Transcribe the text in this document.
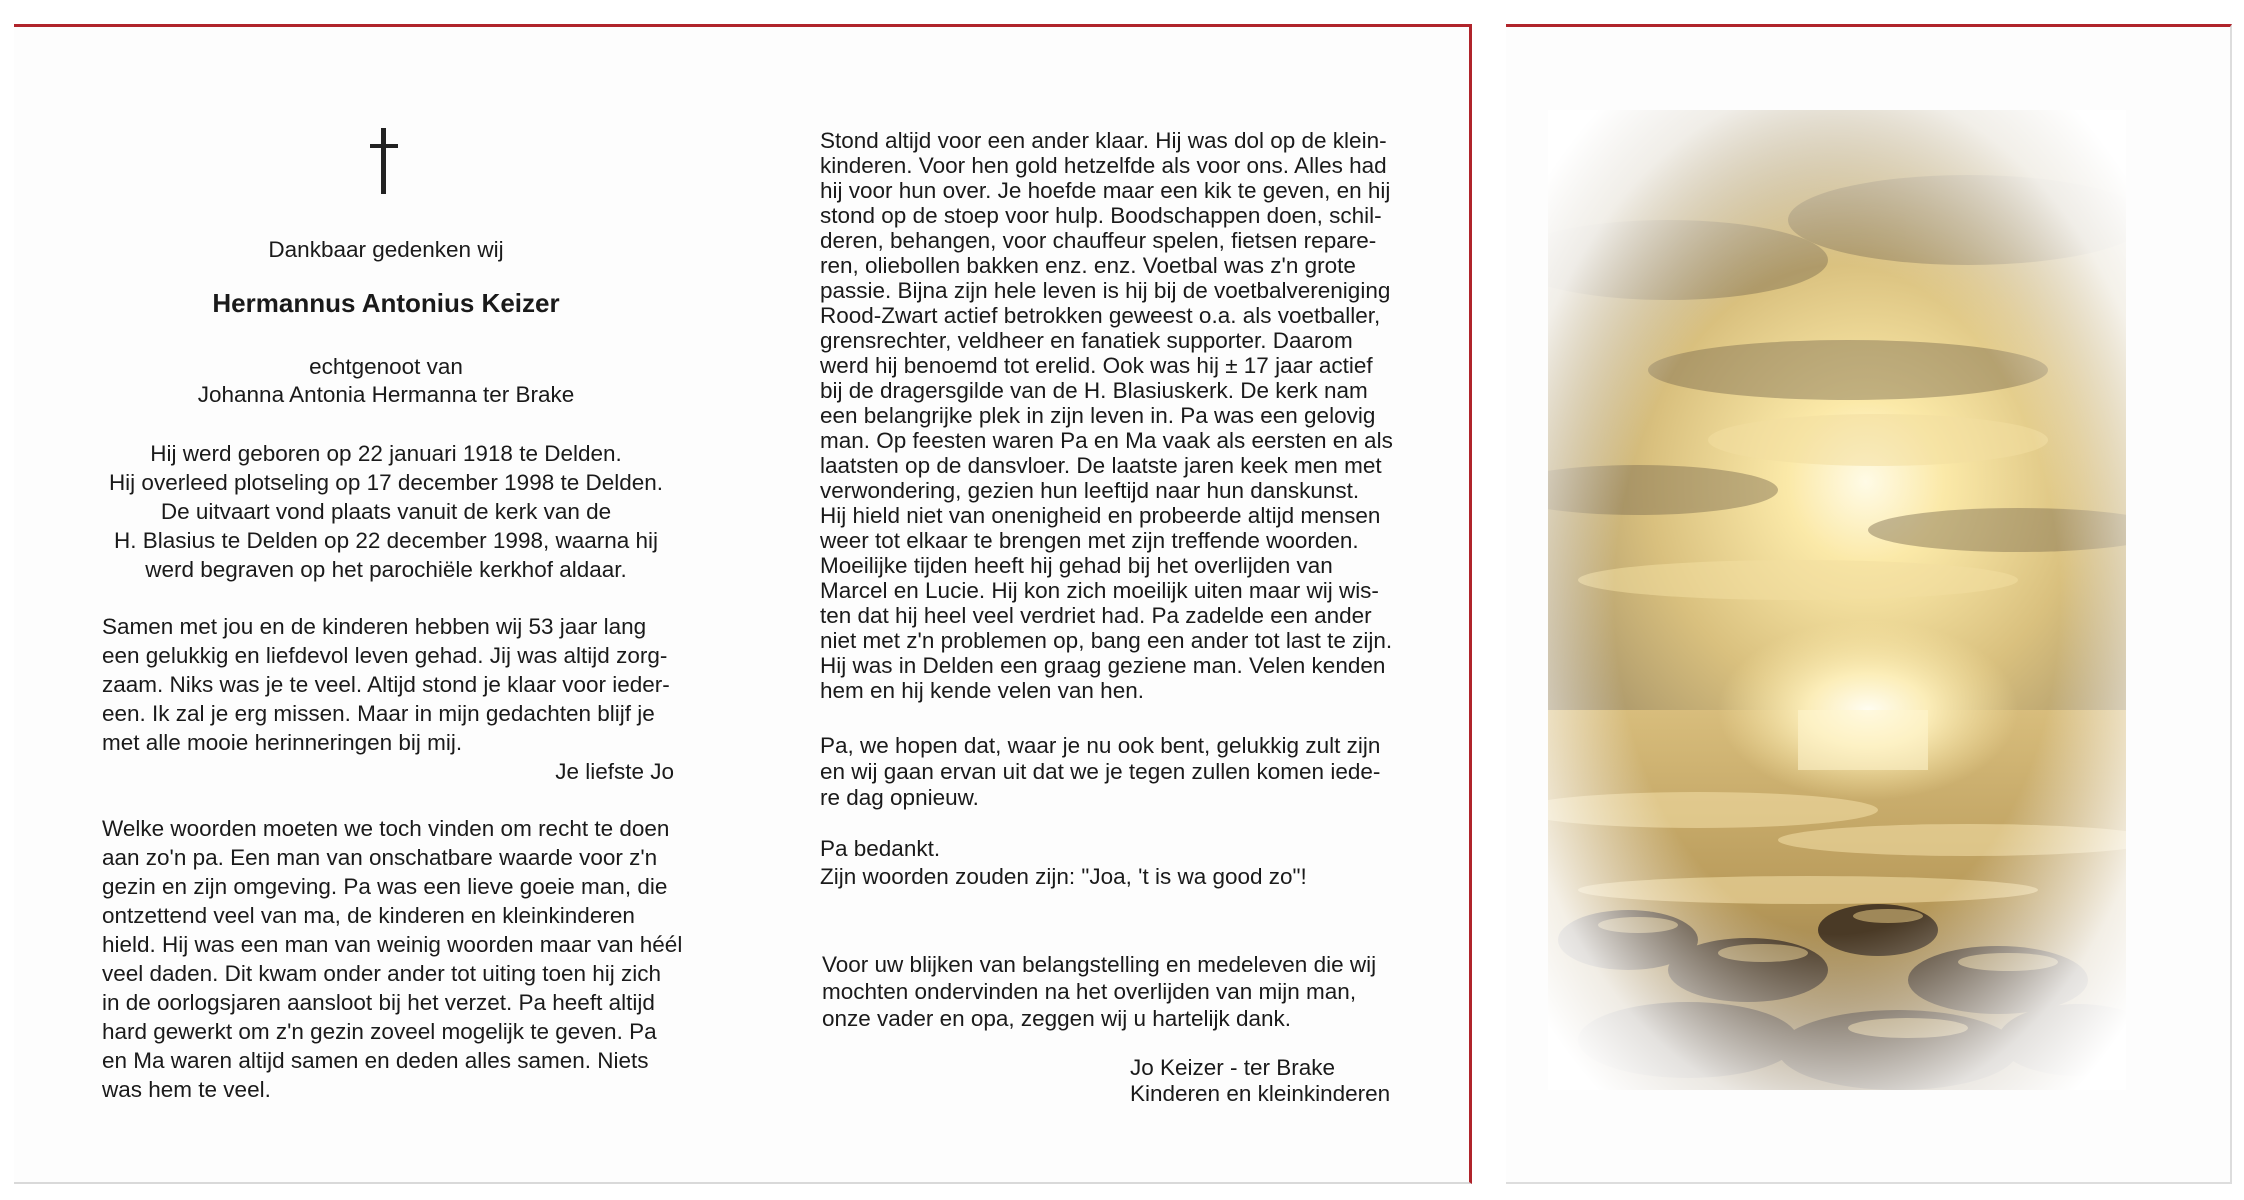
Dankbaar gedenken wij
Hermannus Antonius Keizer
echtgenoot van
Johanna Antonia Hermanna ter Brake
Hij werd geboren op 22 januari 1918 te Delden.
Hij overleed plotseling op 17 december 1998 te Delden.
De uitvaart vond plaats vanuit de kerk van de
H. Blasius te Delden op 22 december 1998, waarna hij
werd begraven op het parochiële kerkhof aldaar.
Samen met jou en de kinderen hebben wij 53 jaar lang
een gelukkig en liefdevol leven gehad. Jij was altijd zorg-
zaam. Niks was je te veel. Altijd stond je klaar voor ieder-
een. Ik zal je erg missen. Maar in mijn gedachten blijf je
met alle mooie herinneringen bij mij.
Je liefste Jo
Welke woorden moeten we toch vinden om recht te doen
aan zo'n pa. Een man van onschatbare waarde voor z'n
gezin en zijn omgeving. Pa was een lieve goeie man, die
ontzettend veel van ma, de kinderen en kleinkinderen
hield. Hij was een man van weinig woorden maar van héél
veel daden. Dit kwam onder ander tot uiting toen hij zich
in de oorlogsjaren aansloot bij het verzet. Pa heeft altijd
hard gewerkt om z'n gezin zoveel mogelijk te geven. Pa
en Ma waren altijd samen en deden alles samen. Niets
was hem te veel.
Stond altijd voor een ander klaar. Hij was dol op de klein-
kinderen. Voor hen gold hetzelfde als voor ons. Alles had
hij voor hun over. Je hoefde maar een kik te geven, en hij
stond op de stoep voor hulp. Boodschappen doen, schil-
deren, behangen, voor chauffeur spelen, fietsen repare-
ren, oliebollen bakken enz. enz. Voetbal was z'n grote
passie. Bijna zijn hele leven is hij bij de voetbalvereniging
Rood-Zwart actief betrokken geweest o.a. als voetballer,
grensrechter, veldheer en fanatiek supporter. Daarom
werd hij benoemd tot erelid. Ook was hij ± 17 jaar actief
bij de dragersgilde van de H. Blasiuskerk. De kerk nam
een belangrijke plek in zijn leven in. Pa was een gelovig
man. Op feesten waren Pa en Ma vaak als eersten en als
laatsten op de dansvloer. De laatste jaren keek men met
verwondering, gezien hun leeftijd naar hun danskunst.
Hij hield niet van onenigheid en probeerde altijd mensen
weer tot elkaar te brengen met zijn treffende woorden.
Moeilijke tijden heeft hij gehad bij het overlijden van
Marcel en Lucie. Hij kon zich moeilijk uiten maar wij wis-
ten dat hij heel veel verdriet had. Pa zadelde een ander
niet met z'n problemen op, bang een ander tot last te zijn.
Hij was in Delden een graag geziene man. Velen kenden
hem en hij kende velen van hen.
Pa, we hopen dat, waar je nu ook bent, gelukkig zult zijn
en wij gaan ervan uit dat we je tegen zullen komen iede-
re dag opnieuw.
Pa bedankt.
Zijn woorden zouden zijn: "Joa, 't is wa good zo"!
Voor uw blijken van belangstelling en medeleven die wij
mochten ondervinden na het overlijden van mijn man,
onze vader en opa, zeggen wij u hartelijk dank.
Jo Keizer - ter Brake
Kinderen en kleinkinderen
